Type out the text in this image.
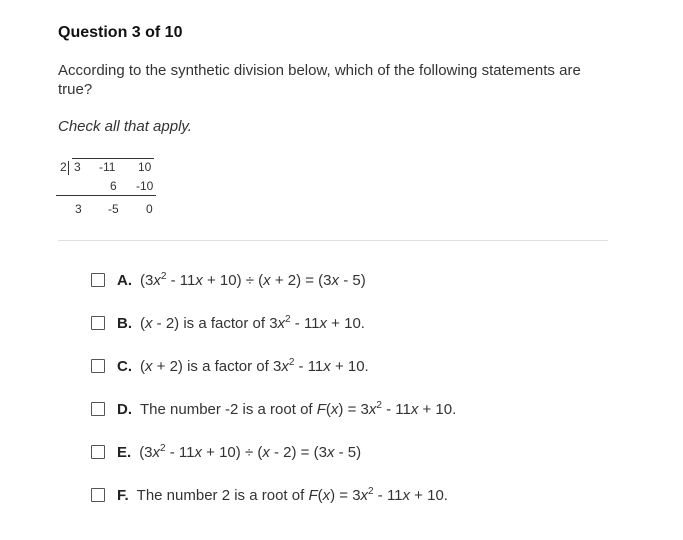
Question 3 of 10
According to the synthetic division below, which of the following statements are true?
Check all that apply.
2 3 -11 10
6 -10
3 -5 0
A. $(3x^2 - 11x + 10) \div (x + 2) = (3x - 5)$
B. (x - 2) is a factor of $3x^2 - 11x + 10$.
C. (x + 2) is a factor of $3x^2 - 11x + 10$.
D. The number -2 is a root of $F(x) = 3x^2 - 11x + 10$.
E. $(3x^2 - 11x + 10) \div (x - 2) = (3x - 5)$
F. The number 2 is a root of $F(x) = 3x^2 - 11x + 10$.
